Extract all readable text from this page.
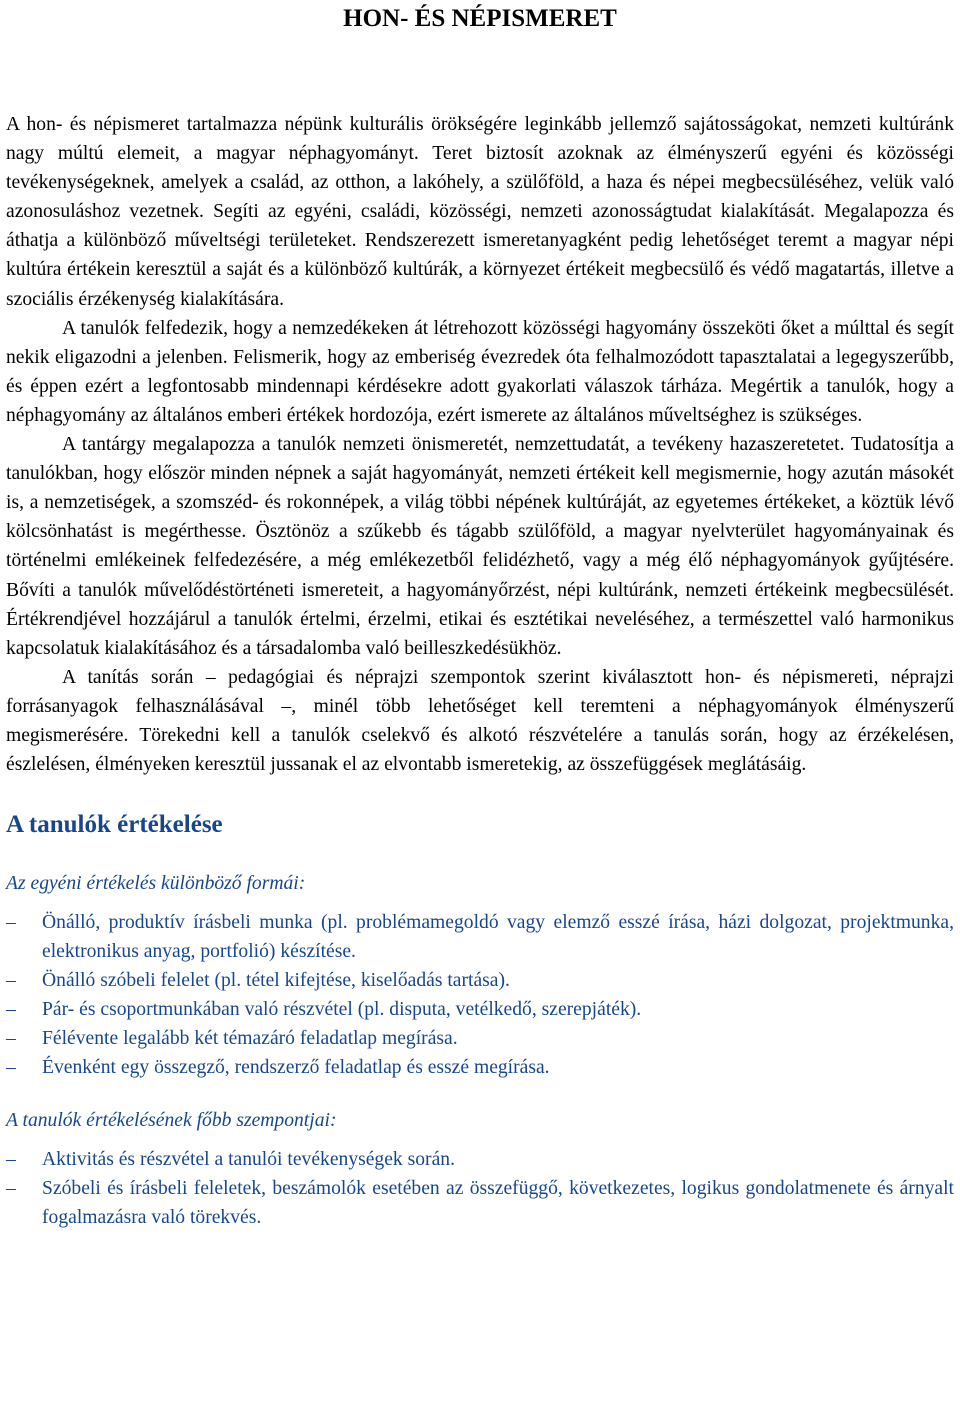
HON- ÉS NÉPISMERET

A hon- és népismeret tartalmazza népünk kulturális örökségére leginkább jellemző sajátosságokat, nemzeti kultúránk nagy múltú elemeit, a magyar néphagyományt. Teret biztosít azoknak az élményszerű egyéni és közösségi tevékenységeknek, amelyek a család, az otthon, a lakóhely, a szülőföld, a haza és népei megbecsüléséhez, velük való azonosuláshoz vezetnek. Segíti az egyéni, családi, közösségi, nemzeti azonosságtudat kialakítását. Megalapozza és áthatja a különböző műveltségi területeket. Rendszerezett ismeretanyagként pedig lehetőséget teremt a magyar népi kultúra értékein keresztül a saját és a különböző kultúrák, a környezet értékeit megbecsülő és védő magatartás, illetve a szociális érzékenység kialakítására.

A tanulók felfedezik, hogy a nemzedékeken át létrehozott közösségi hagyomány összeköti őket a múlttal és segít nekik eligazodni a jelenben. Felismerik, hogy az emberiség évezredek óta felhalmozódott tapasztalatai a legegyszerűbb, és éppen ezért a legfontosabb mindennapi kérdésekre adott gyakorlati válaszok tárháza. Megértik a tanulók, hogy a néphagyomány az általános emberi értékek hordozója, ezért ismerete az általános műveltséghez is szükséges.

A tantárgy megalapozza a tanulók nemzeti önismeretét, nemzettudatát, a tevékeny hazaszeretetet. Tudatosítja a tanulókban, hogy először minden népnek a saját hagyományát, nemzeti értékeit kell megismernie, hogy azután másokét is, a nemzetiségek, a szomszéd- és rokonnépek, a világ többi népének kultúráját, az egyetemes értékeket, a köztük lévő kölcsönhatást is megérthesse. Ösztönöz a szűkebb és tágabb szülőföld, a magyar nyelvterület hagyományainak és történelmi emlékeinek felfedezésére, a még emlékezetből felidézhető, vagy a még élő néphagyományok gyűjtésére. Bővíti a tanulók művelődéstörténeti ismereteit, a hagyományőrzést, népi kultúránk, nemzeti értékeink megbecsülését. Értékrendjével hozzájárul a tanulók értelmi, érzelmi, etikai és esztétikai neveléséhez, a természettel való harmonikus kapcsolatuk kialakításához és a társadalomba való beilleszkedésükhöz.

A tanítás során – pedagógiai és néprajzi szempontok szerint kiválasztott hon- és népismereti, néprajzi forrásanyagok felhasználásával –, minél több lehetőséget kell teremteni a néphagyományok élményszerű megismerésére. Törekedni kell a tanulók cselekvő és alkotó részvételére a tanulás során, hogy az érzékelésen, észlelésen, élményeken keresztül jussanak el az elvontabb ismeretekig, az összefüggések meglátásáig.

A tanulók értékelése
Az egyéni értékelés különböző formái:
– Önálló, produktív írásbeli munka (pl. problémamegoldó vagy elemző esszé írása, házi dolgozat, projektmunka, elektronikus anyag, portfolió) készítése.
– Önálló szóbeli felelet (pl. tétel kifejtése, kiselőadás tartása).
– Pár- és csoportmunkában való részvétel (pl. disputa, vetélkedő, szerepjáték).
– Félévente legalább két témazáró feladatlap megírása.
– Évenként egy összegző, rendszerző feladatlap és esszé megírása.
A tanulók értékelésének főbb szempontjai:
– Aktivitás és részvétel a tanulói tevékenységek során.
– Szóbeli és írásbeli feleletek, beszámolók esetében az összefüggő, következetes, logikus gondolatmenete és árnyalt fogalmazásra való törekvés.
